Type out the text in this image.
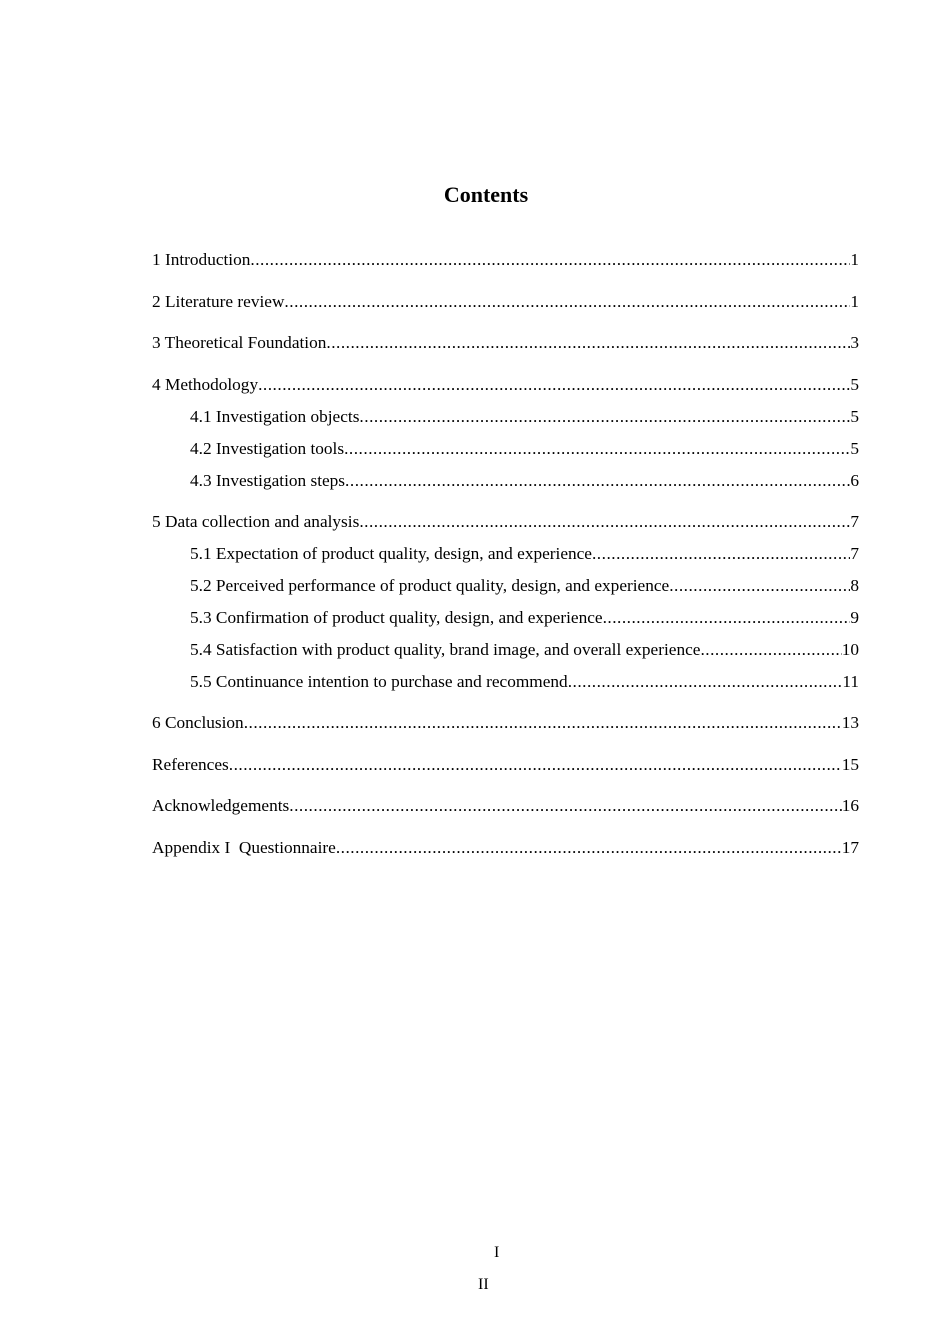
Contents
1 Introduction .....	1
2 Literature review .....	1
3 Theoretical Foundation .....	3
4 Methodology .....	5
4.1 Investigation objects .....	5
4.2 Investigation tools .....	5
4.3 Investigation steps .....	6
5 Data collection and analysis .....	7
5.1 Expectation of product quality, design, and experience .....	7
5.2 Perceived performance of product quality, design, and experience .....	8
5.3 Confirmation of product quality, design, and experience .....	9
5.4 Satisfaction with product quality, brand image, and overall experience .....	10
5.5 Continuance intention to purchase and recommend .....	11
6 Conclusion .....	13
References .....	15
Acknowledgements .....	16
Appendix I  Questionnaire .....	17
I
II
